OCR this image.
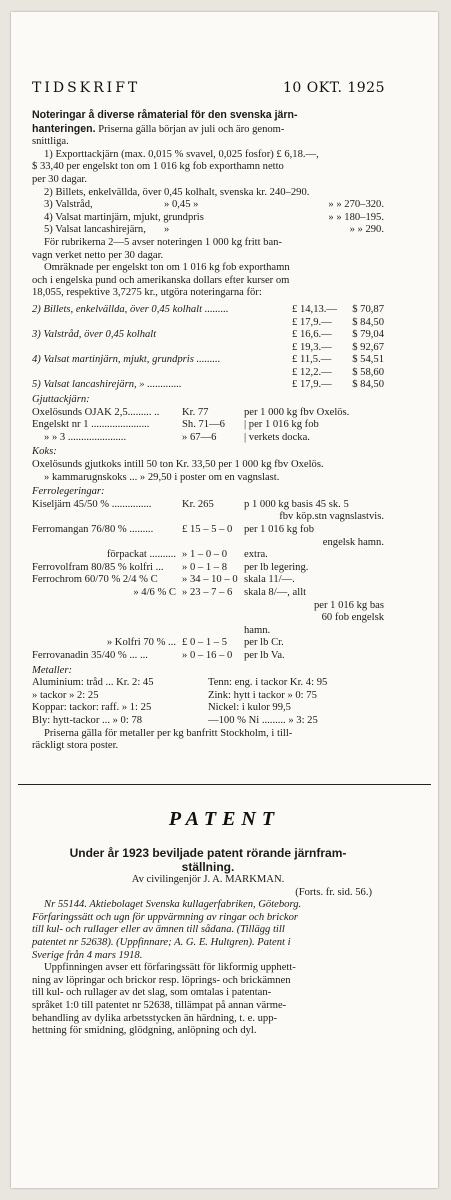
TIDSKRIFT	10 OKT. 1925
Noteringar å diverse råmaterial för den svenska järn-
hanteringen. Priserna gälla början av juli och äro genom-
snittliga.
1) Exporttackjärn (max. 0,015 % svavel, 0,025 fosfor) £ 6,18.—,
$ 33,40 per engelskt ton om 1 016 kg fob exporthamn netto
per 30 dagar.
2) Billets, enkelvällda, över 0,45 kolhalt, svenska kr. 240–290.
3) Valstråd,	» 0,45 »	» » 270–320.
4) Valsat martinjärn, mjukt, grundpris	» » 180–195.
5) Valsat lancashirejärn,	»	» » 290.
För rubrikerna 2—5 avser noteringen 1 000 kg fritt ban-
vagn verket netto per 30 dagar.
Omräknade per engelskt ton om 1 016 kg fob exporthamn
och i engelska pund och amerikanska dollars efter kurser om
18,055, respektive 3,7275 kr., utgöra noteringarna för:
2) Billets, enkelvällda, över 0,45 kolhalt .........	£ 14,13.—	$ 70,87
£ 17,9.—	$ 84,50
3) Valstråd, över 0,45 kolhalt	£ 16,6.—	$ 79,04
£ 19,3.—	$ 92,67
4) Valsat martinjärn, mjukt, grundpris .........	£ 11,5.—	$ 54,51
£ 12,2.—	$ 58,60
5) Valsat lancashirejärn, » .............	£ 17,9.—	$ 84,50
Gjuttackjärn:
Oxelösunds OJAK 2,5......... ..	Kr. 77	per 1 000 kg fbv Oxelös.
Engelskt nr 1 ......................	Sh. 71—6	| per 1 016 kg fob
» » 3 ......................	» 67—6	| verkets docka.
Koks:
Oxelösunds gjutkoks intill 50 ton Kr. 33,50 per 1 000 kg fbv Oxelös.
» kammarugnskoks ... » 29,50 i poster om en vagnslast.
Ferrolegeringar:
Kiseljärn 45/50 % ...............	Kr. 265	p 1 000 kg basis 45 sk. 5
fbv köp.stn vagnslastvis.
Ferromangan 76/80 % .........	£ 15 – 5 – 0	per 1 016 kg fob
engelsk hamn.
förpackat .......... » 1 – 0 – 0	extra.
Ferrovolfram 80/85 % kolfri ...	» 0 – 1 – 8	per lb legering.
Ferrochrom 60/70 % 2/4 % C	» 34 – 10 – 0 skala 11/—.
» 4/6 % C » 23 – 7 – 6	skala 8/—, allt
per 1 016 kg bas
60 fob engelsk
hamn.
» Kolfri 70 % ... £ 0 – 1 – 5	per lb Cr.
Ferrovanadin 35/40 % ... ...	» 0 – 16 – 0	per lb Va.
Metaller:
Aluminium: tråd ... Kr. 2: 45	Tenn: eng. i tackor Kr. 4: 95
» tackor » 2: 25	Zink: hytt i tackor » 0: 75
Koppar: tackor: raff. » 1: 25	Nickel: i kulor 99,5
Bly: hytt-tackor ... » 0: 78	—100 % Ni ......... » 3: 25
Priserna gälla för metaller per kg banfritt Stockholm, i till-
räckligt stora poster.
PATENT
Under år 1923 beviljade patent rörande järnfram-
ställning.
Av civilingenjör J. A. MARKMAN.
(Forts. fr. sid. 56.)
Nr 55144. Aktiebolaget Svenska kullagerfabriken, Göteborg.
Förfaringssätt och ugn för uppvärmning av ringar och brickor
till kul- och rullager eller av ämnen till sådana. (Tillägg till
patentet nr 52638). (Uppfinnare; A. G. E. Hultgren). Patent i
Sverige från 4 mars 1918.
Uppfinningen avser ett förfaringssätt för likformig upphett-
ning av löpringar och brickor resp. löprings- och brickämnen
till kul- och rullager av det slag, som omtalas i patentan-
språket 1:0 till patentet nr 52638, tillämpat på annan värme-
behandling av dylika arbetsstycken än härdning, t. e. upp-
hettning för smidning, glödgning, anlöpning och dyl.
